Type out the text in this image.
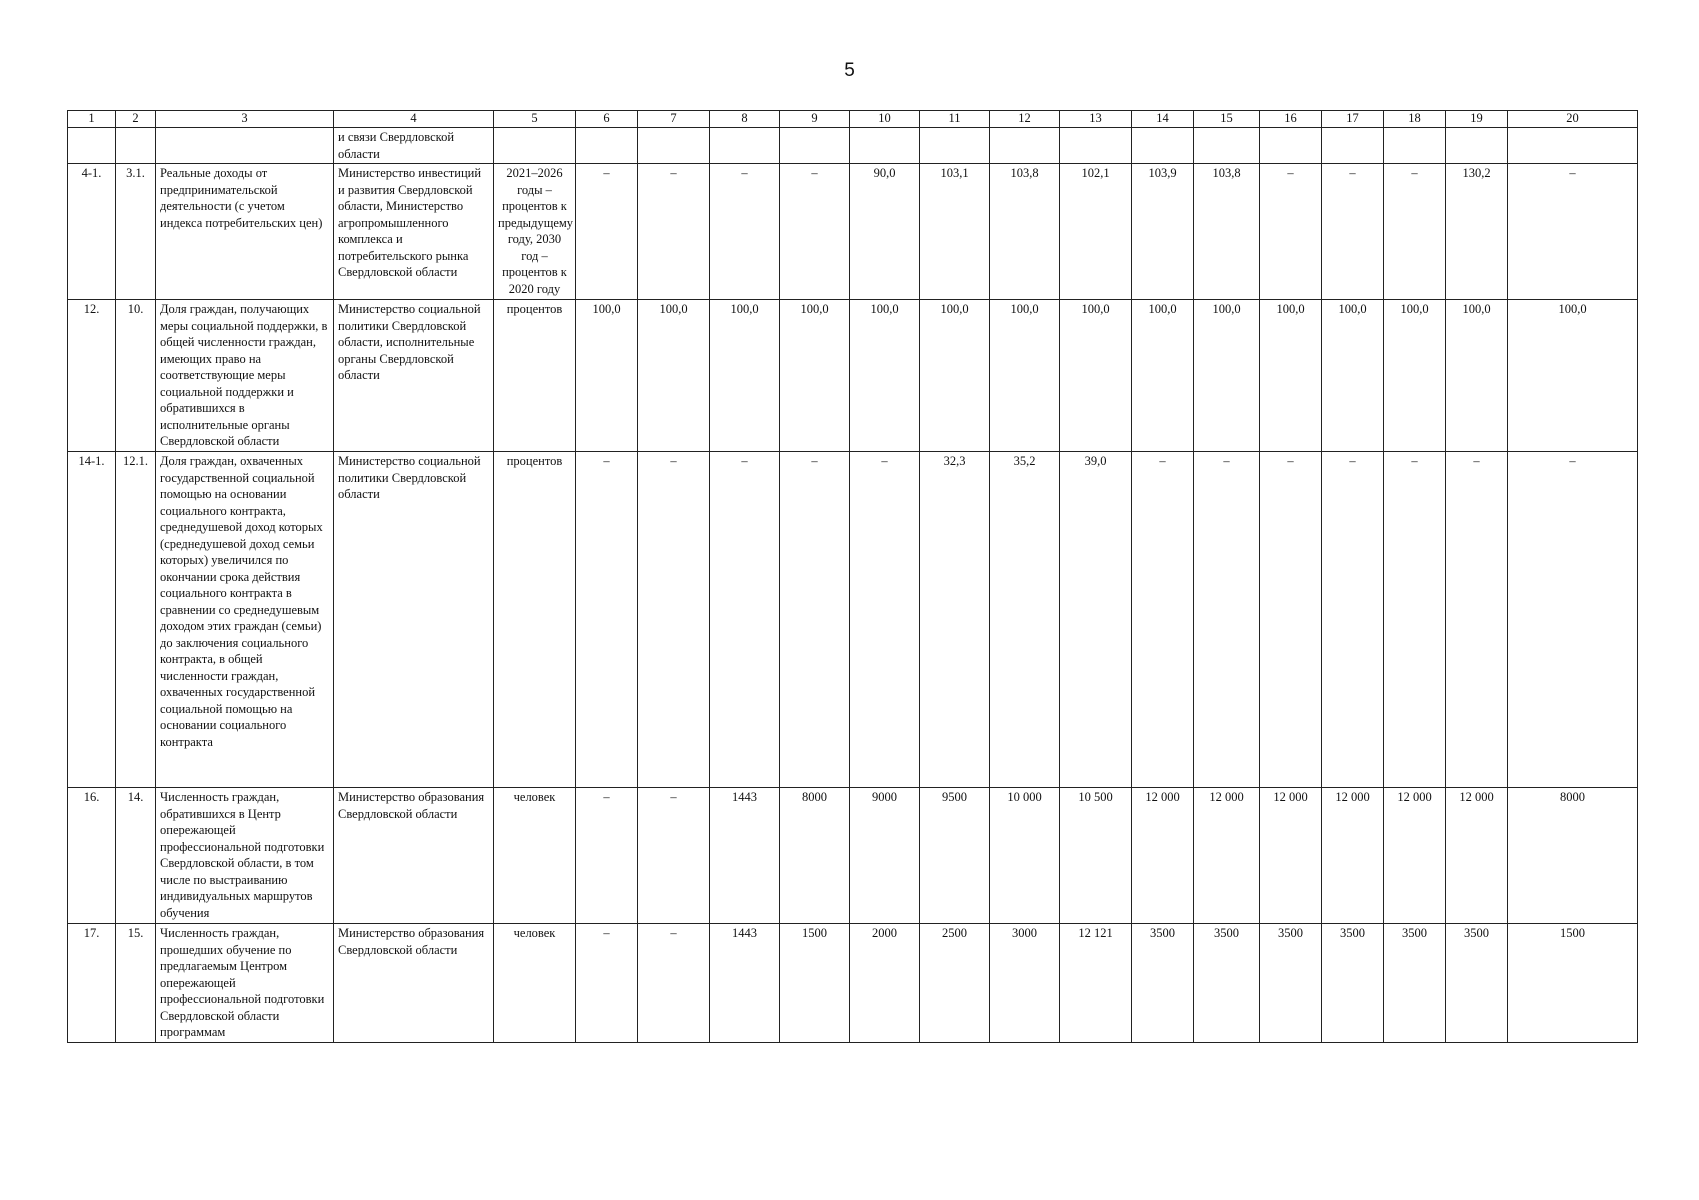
5
1	2	3	4	5	6	7	8	9	10	11	12	13	14	15	16	17	18	19	20
			и связи Свердловской области																
4-1.	3.1.	Реальные доходы от предпринимательской деятельности (с учетом индекса потребительских цен)	Министерство инвестиций и развития Свердловской области, Министерство агропромышленного комплекса и потребительского рынка Свердловской области	2021–2026 годы – процентов к предыдущему году, 2030 год – процентов к 2020 году	–	–	–	–	90,0	103,1	103,8	102,1	103,9	103,8	–	–	–	130,2	–
12.	10.	Доля граждан, получающих меры социальной поддержки, в общей численности граждан, имеющих право на соответствующие меры социальной поддержки и обратившихся в исполнительные органы Свердловской области	Министерство социальной политики Свердловской области, исполнительные органы Свердловской области	процентов	100,0	100,0	100,0	100,0	100,0	100,0	100,0	100,0	100,0	100,0	100,0	100,0	100,0	100,0	100,0
14-1.	12.1.	Доля граждан, охваченных государственной социальной помощью на основании социального контракта, среднедушевой доход которых (среднедушевой доход семьи которых) увеличился по окончании срока действия социального контракта в сравнении со среднедушевым доходом этих граждан (семьи) до заключения социального контракта, в общей численности граждан, охваченных государственной социальной помощью на основании социального контракта	Министерство социальной политики Свердловской области	процентов	–	–	–	–	–	32,3	35,2	39,0	–	–	–	–	–	–	–
16.	14.	Численность граждан, обратившихся в Центр опережающей профессиональной подготовки Свердловской области, в том числе по выстраиванию индивидуальных маршрутов обучения	Министерство образования Свердловской области	человек	–	–	1443	8000	9000	9500	10 000	10 500	12 000	12 000	12 000	12 000	12 000	12 000	8000
17.	15.	Численность граждан, прошедших обучение по предлагаемым Центром опережающей профессиональной подготовки Свердловской области программам	Министерство образования Свердловской области	человек	–	–	1443	1500	2000	2500	3000	12 121	3500	3500	3500	3500	3500	3500	1500
